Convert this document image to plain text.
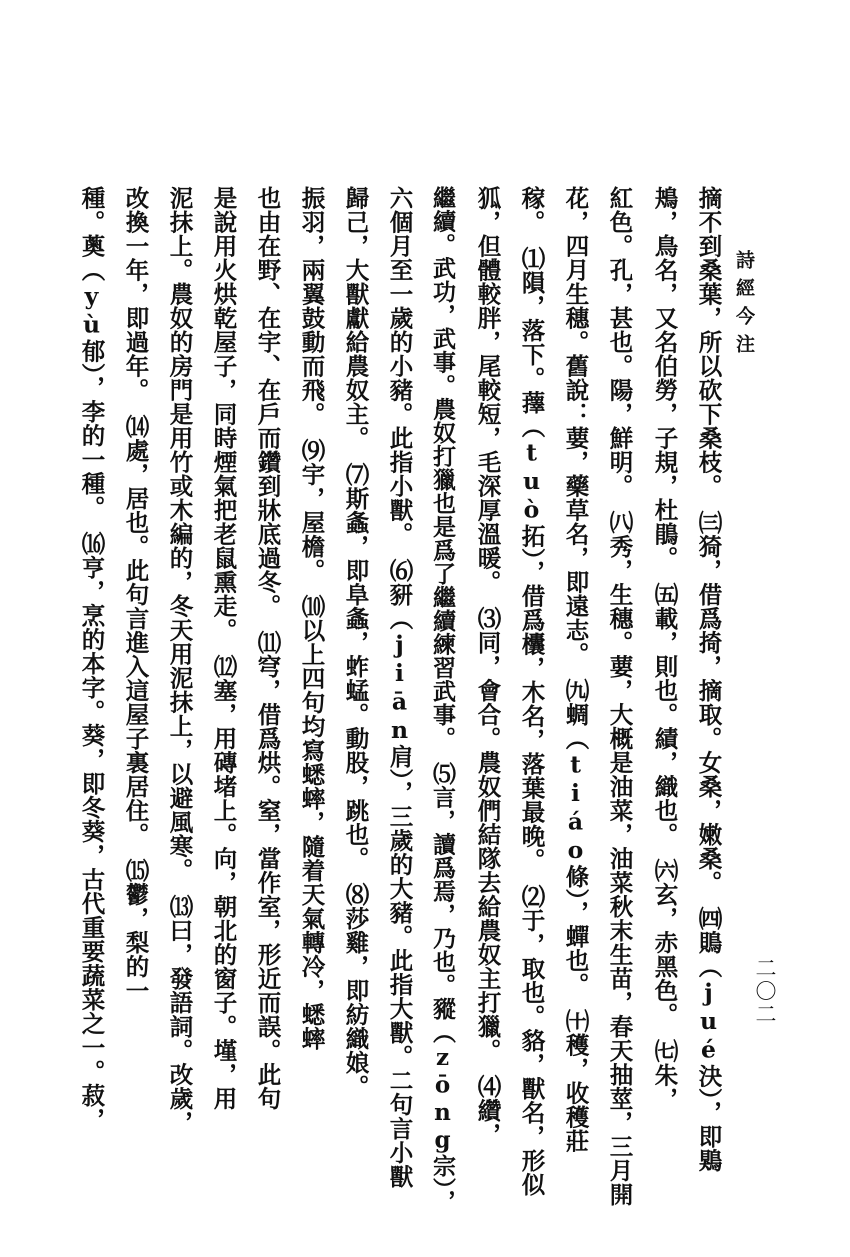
詩經今注
二〇二
摘不到桑葉，所以砍下桑枝。　㈢猗，借爲掎，摘取。女桑，嫩桑。　㈣鵙（jué決），即鶪
鴂，鳥名，又名伯勞，子規，杜鵑。　㈤載，則也。績，織也。　㈥玄，赤黑色。　㈦朱，
紅色。孔，甚也。陽，鮮明。　㈧秀，生穗。葽，大概是油菜，油菜秋末生苗，春天抽莖，三月開
花，四月生穗。舊說：葽，藥草名，即遠志。　㈨蜩（tiáo條），蟬也。　㈩穫，收穫莊
稼。　⑴隕，落下。蘀（tuò拓），借爲欜，木名，落葉最晚。　⑵于，取也。貉，獸名，形似
狐，但體較胖，尾較短，毛深厚溫暖。　⑶同，會合。農奴們結隊去給農奴主打獵。　⑷纘，
繼續。武功，武事。農奴打獵也是爲了繼續練習武事。　⑸言，讀爲焉，乃也。豵（zōng宗），
六個月至一歲的小豬。此指小獸。　⑹豜（jiān肩），三歲的大豬。此指大獸。二句言小獸
歸己，大獸獻給農奴主。　⑺斯螽，即阜螽，蚱蜢。動股，跳也。　⑻莎雞，即紡織娘。
振羽，兩翼鼓動而飛。　⑼宇，屋檐。　⑽以上四句均寫蟋蟀，隨着天氣轉冷，蟋蟀
也由在野、在宇、在戶而鑽到牀底過冬。　⑾穹，借爲烘。窒，當作室，形近而誤。此句
是說用火烘乾屋子，同時煙氣把老鼠熏走。　⑿塞，用磚堵上。向，朝北的窗子。墐，用
泥抹上。農奴的房門是用竹或木編的，冬天用泥抹上，以避風寒。　⒀曰，發語詞。改歲，
改換一年，即過年。　⒁處，居也。此句言進入這屋子裏居住。　⒂鬱，梨的一
種。薁（yù郁），李的一種。　⒃亨，烹的本字。葵，即冬葵，古代重要蔬菜之一。菽，
